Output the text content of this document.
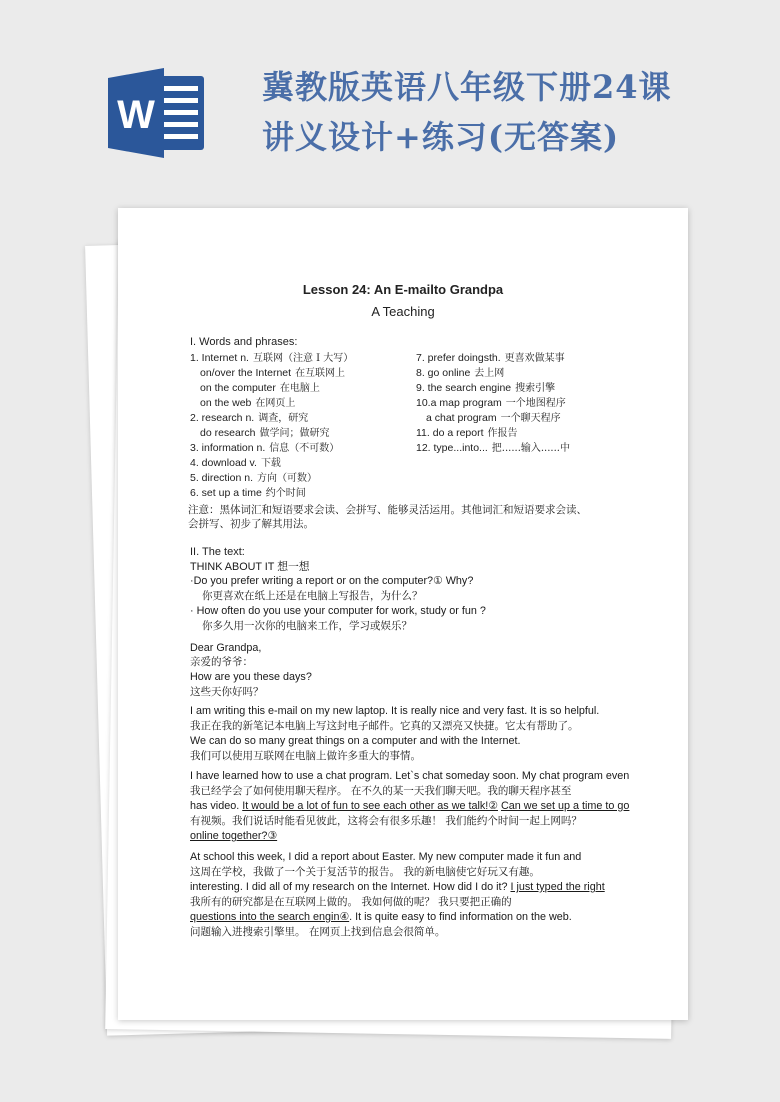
W
冀教版英语八年级下册24课
讲义设计+练习(无答案)
Lesson 24: An E-mailto Grandpa
A Teaching

I. Words and phrases:

1. Internet n. 互联网（注意 I 大写）
on/over the Internet 在互联网上
on the computer 在电脑上
on the web 在网页上
2. research n. 调查，研究
do research 做学问；做研究
3. information n. 信息（不可数）
4. download v. 下载
5. direction n. 方向（可数）
6. set up a time 约个时间
7. prefer doingsth. 更喜欢做某事
8. go online 去上网
9. the search engine 搜索引擎
10.a map program 一个地图程序
a chat program 一个聊天程序
11. do a report 作报告
12. type...into... 把......输入......中
注意：黑体词汇和短语要求会读、会拼写、能够灵活运用。其他词汇和短语要求会读、
会拼写、初步了解其用法。

II. The text:

THINK ABOUT IT 想一想
·Do you prefer writing a report or on the computer?① Why?
你更喜欢在纸上还是在电脑上写报告，为什么？
· How often do you use your computer for work, study or fun ?
你多久用一次你的电脑来工作，学习或娱乐？
Dear Grandpa,
亲爱的爷爷：
How are you these days?
这些天你好吗？
I am writing this e-mail on my new laptop. It is really nice and very fast. It is so helpful.
我正在我的新笔记本电脑上写这封电子邮件。它真的又漂亮又快捷。它太有帮助了。
We can do so many great things on a computer and with the Internet.
我们可以使用互联网在电脑上做许多重大的事情。
I have learned how to use a chat program. Let`s chat someday soon. My chat program even
我已经学会了如何使用聊天程序。 在不久的某一天我们聊天吧。我的聊天程序甚至
has video. It would be a lot of fun to see each other as we talk!② Can we set up a time to go
有视频。我们说话时能看见彼此，这将会有很多乐趣！ 我们能约个时间一起上网吗？
online together?③
At school this week, I did a report about Easter. My new computer made it fun and
这周在学校，我做了一个关于复活节的报告。 我的新电脑使它好玩又有趣。
interesting. I did all of my research on the Internet. How did I do it? I just typed the right
我所有的研究都是在互联网上做的。 我如何做的呢？ 我只要把正确的
questions into the search engin④. It is quite easy to find information on the web.
问题输入进搜索引擎里。 在网页上找到信息会很简单。
